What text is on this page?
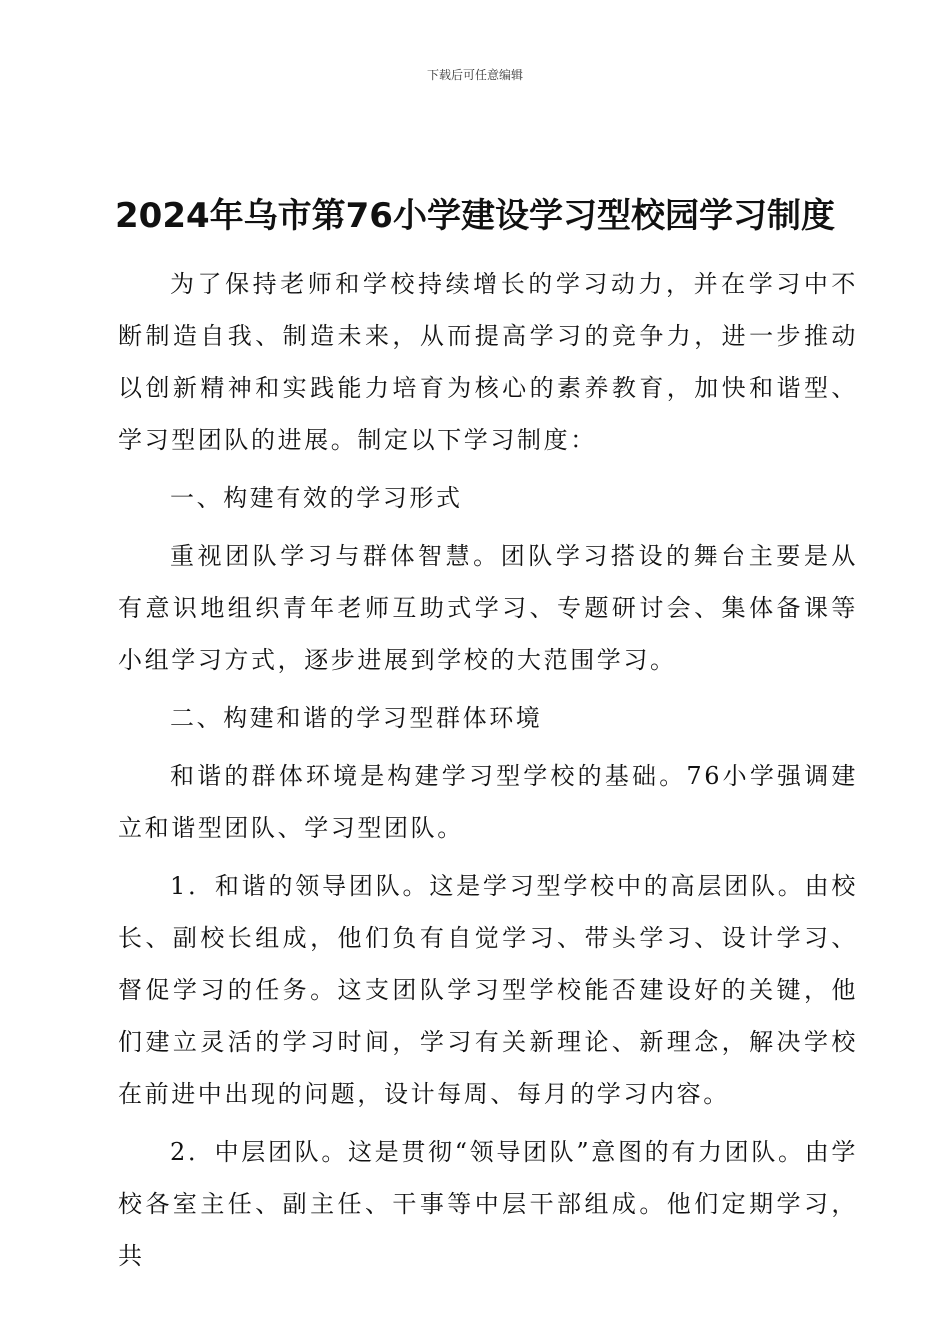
下载后可任意编辑
2024年乌市第76小学建设学习型校园学习制度

为了保持老师和学校持续增长的学习动力，并在学习中不断制造自我、制造未来，从而提高学习的竞争力，进一步推动以创新精神和实践能力培育为核心的素养教育，加快和谐型、学习型团队的进展。制定以下学习制度：

一、构建有效的学习形式

重视团队学习与群体智慧。团队学习搭设的舞台主要是从有意识地组织青年老师互助式学习、专题研讨会、集体备课等小组学习方式，逐步进展到学校的大范围学习。

二、构建和谐的学习型群体环境

和谐的群体环境是构建学习型学校的基础。76小学强调建立和谐型团队、学习型团队。

1．和谐的领导团队。这是学习型学校中的高层团队。由校长、副校长组成，他们负有自觉学习、带头学习、设计学习、督促学习的任务。这支团队学习型学校能否建设好的关键，他们建立灵活的学习时间，学习有关新理论、新理念，解决学校在前进中出现的问题，设计每周、每月的学习内容。

2．中层团队。这是贯彻“领导团队”意图的有力团队。由学校各室主任、副主任、干事等中层干部组成。他们定期学习，共
